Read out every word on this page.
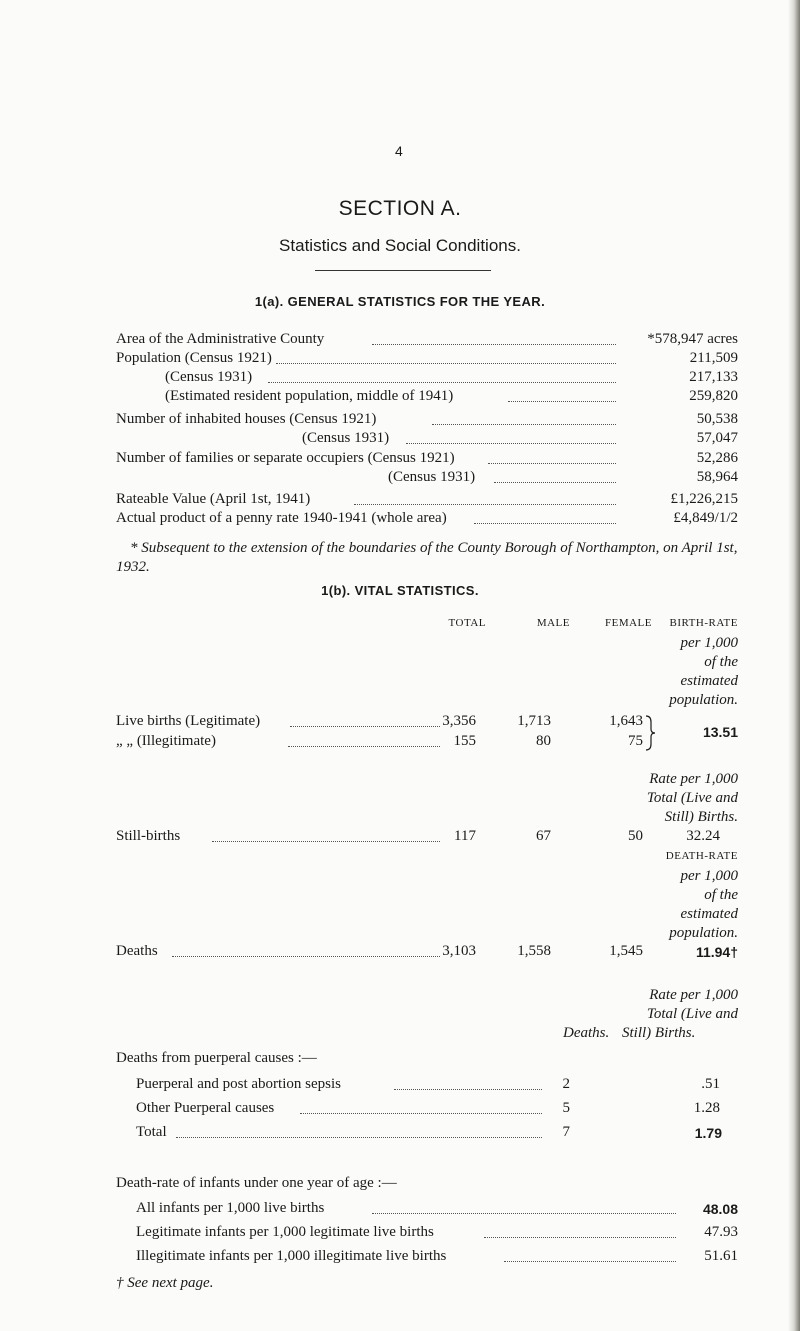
4
SECTION A.
Statistics and Social Conditions.
1(a). GENERAL STATISTICS FOR THE YEAR.
Area of the Administrative County	*578,947 acres
Population (Census 1921)	211,509
(Census 1931)	217,133
(Estimated resident population, middle of 1941)	259,820
Number of inhabited houses (Census 1921)	50,538
(Census 1931)	57,047
Number of families or separate occupiers (Census 1921)	52,286
(Census 1931)	58,964
Rateable Value (April 1st, 1941)	£1,226,215
Actual product of a penny rate 1940-1941 (whole area)	£4,849/1/2
* Subsequent to the extension of the boundaries of the County Borough of Northampton, on April 1st, 1932.
1(b). VITAL STATISTICS.
TOTAL	MALE	FEMALE	BIRTH-RATE
per 1,000
of the
estimated
population.
Live births (Legitimate)	3,356	1,713	1,643
„ „ (Illegitimate)	155	80	75
13.51
Rate per 1,000
Total (Live and
Still) Births.
Still-births	117	67	50	32.24
DEATH-RATE
per 1,000
of the
estimated
population.
Deaths	3,103	1,558	1,545	11.94†
Rate per 1,000
Total (Live and
Still) Births.
Deaths.
Deaths from puerperal causes :—
Puerperal and post abortion sepsis	2	.51
Other Puerperal causes	5	1.28
Total	7	1.79
Death-rate of infants under one year of age :—
All infants per 1,000 live births	48.08
Legitimate infants per 1,000 legitimate live births	47.93
Illegitimate infants per 1,000 illegitimate live births	51.61
† See next page.
